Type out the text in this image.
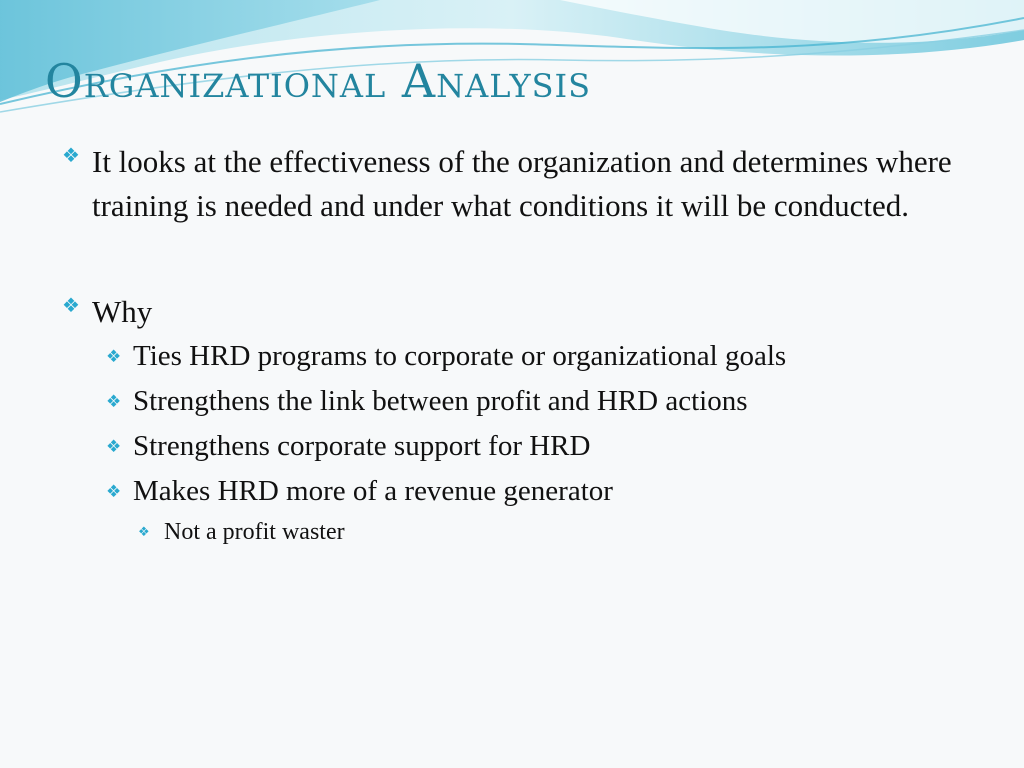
Organizational Analysis
❖ It looks at the effectiveness of the organization and determines where training is needed and under what conditions it will be conducted.
❖ Why
❖ Ties HRD programs to corporate or organizational goals
❖ Strengthens the link between profit and HRD actions
❖ Strengthens corporate support for HRD
❖ Makes HRD more of a revenue generator
❖ Not a profit waster
